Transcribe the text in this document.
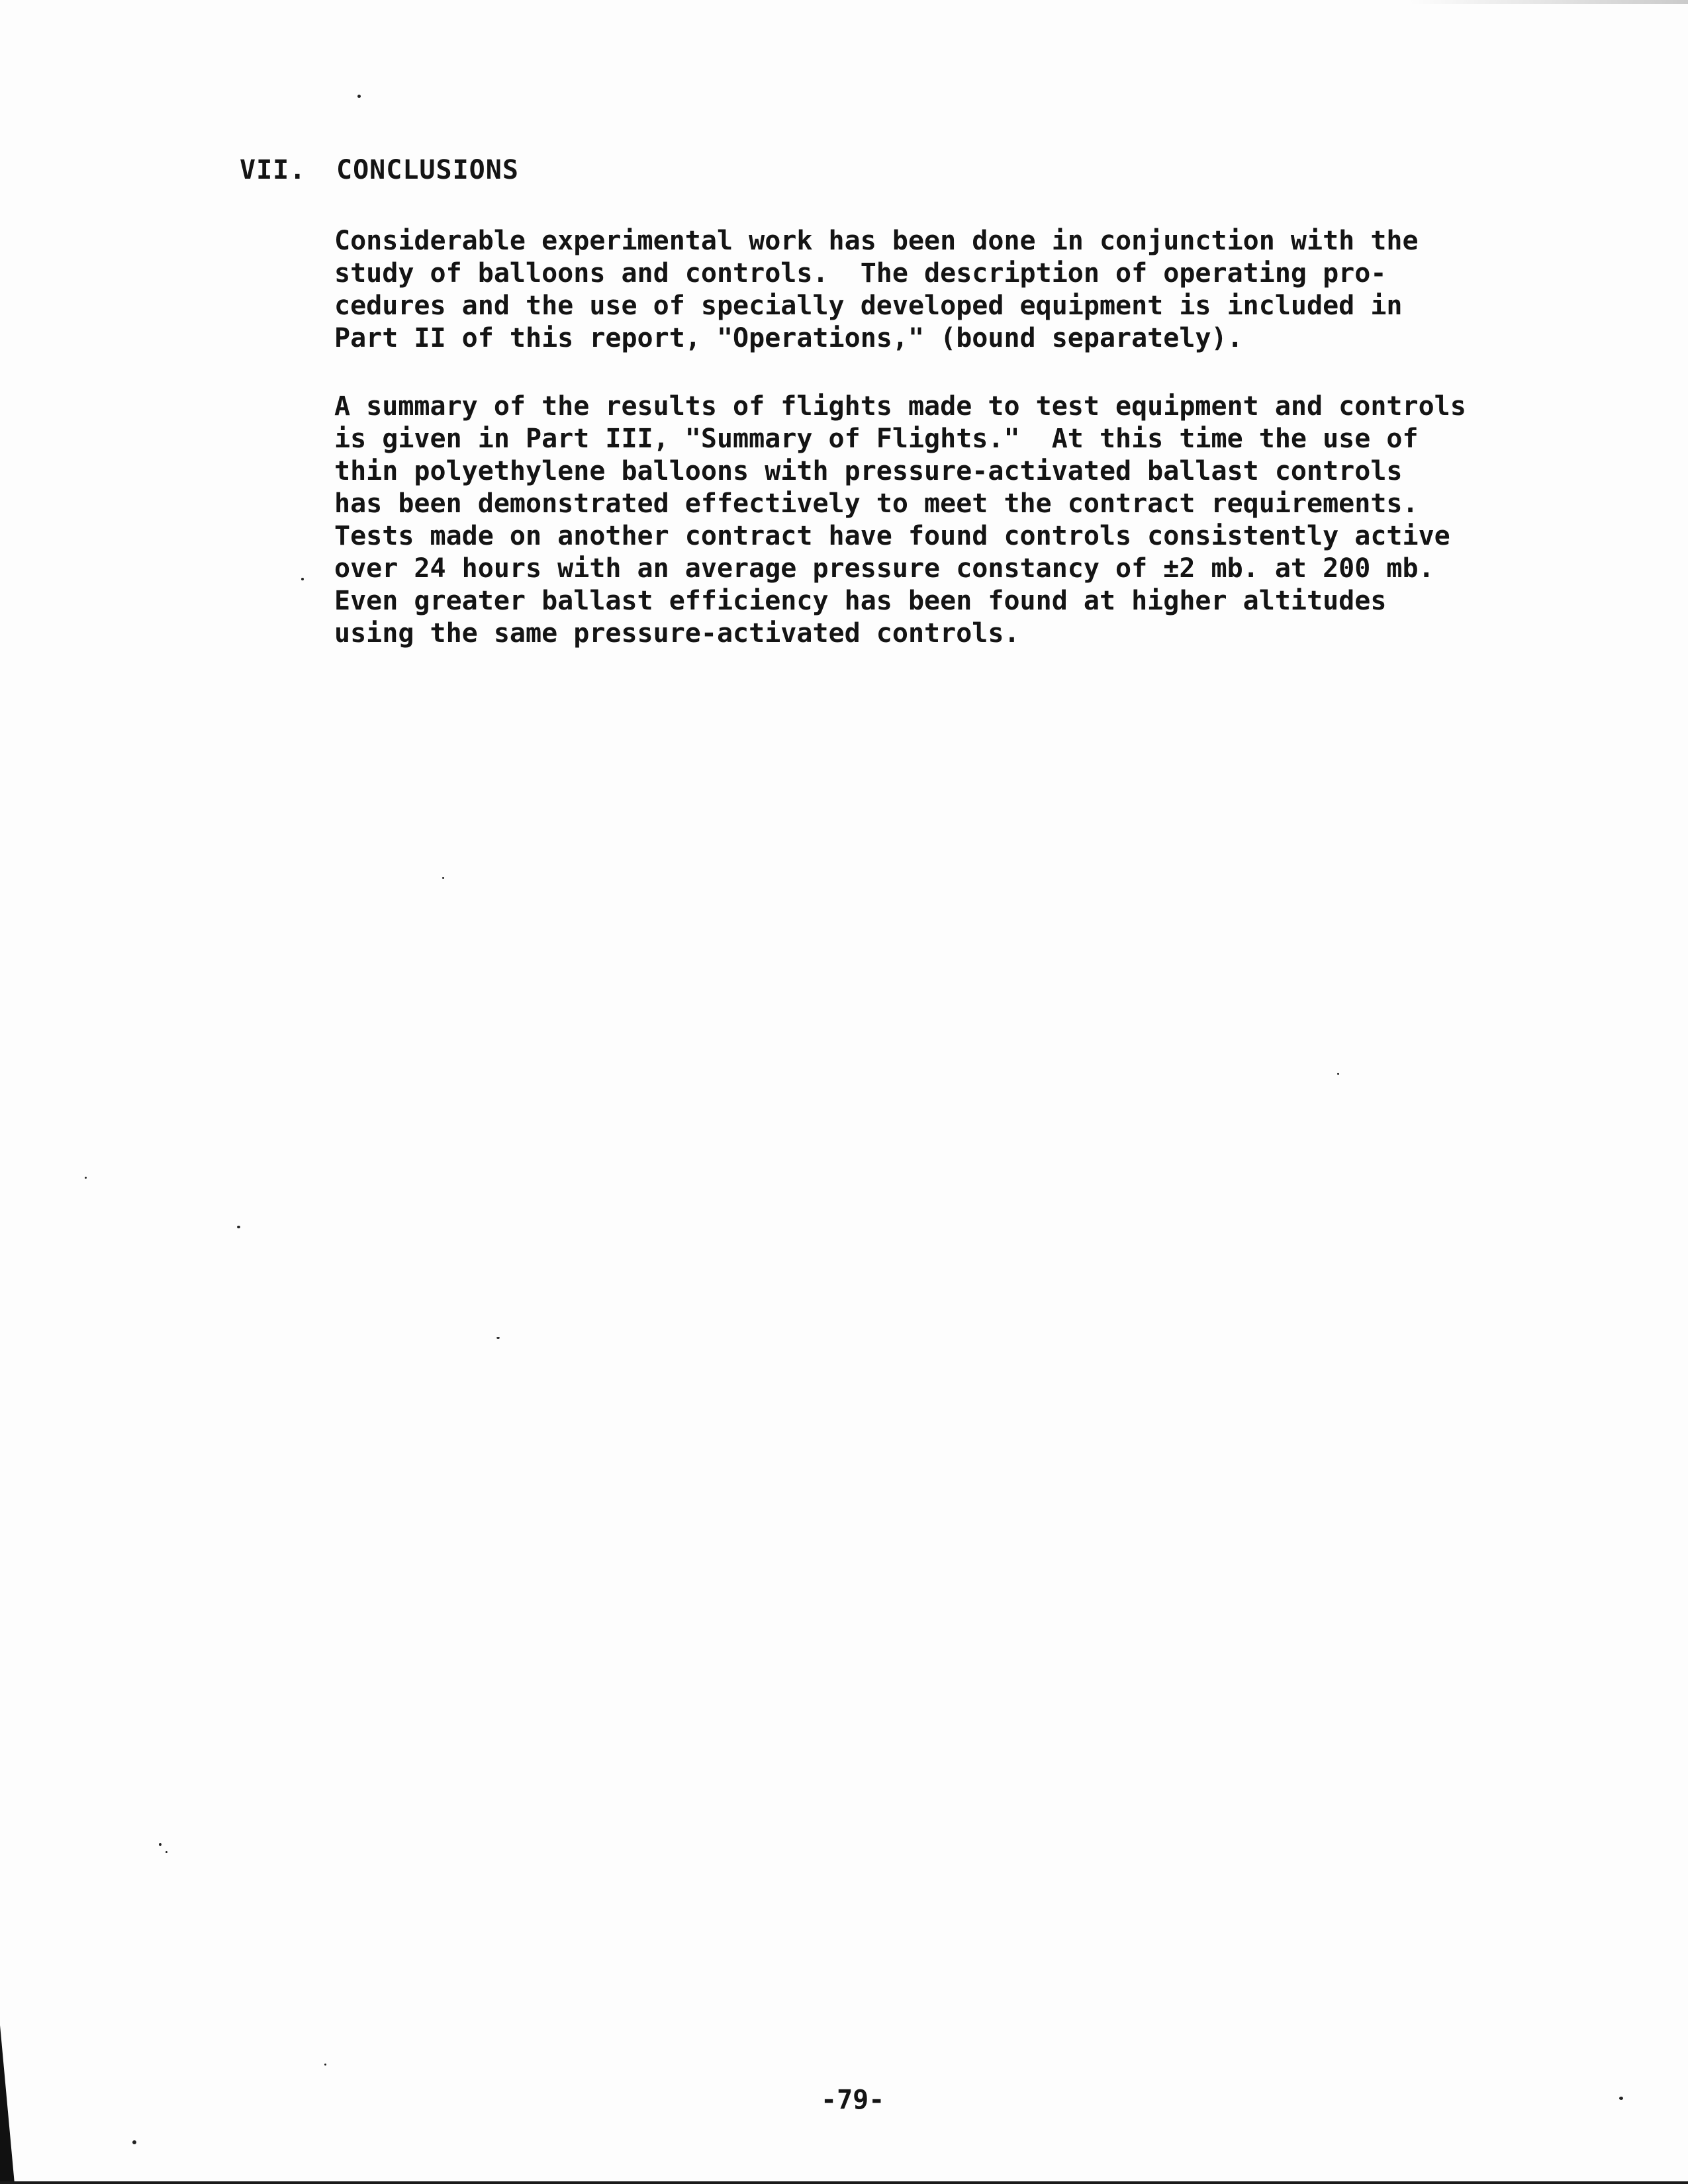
VII. CONCLUSIONS

Considerable experimental work has been done in conjunction with the
study of balloons and controls.  The description of operating pro-
cedures and the use of specially developed equipment is included in
Part II of this report, "Operations," (bound separately).

A summary of the results of flights made to test equipment and controls
is given in Part III, "Summary of Flights."  At this time the use of
thin polyethylene balloons with pressure-activated ballast controls
has been demonstrated effectively to meet the contract requirements.
Tests made on another contract have found controls consistently active
over 24 hours with an average pressure constancy of ±2 mb. at 200 mb.
Even greater ballast efficiency has been found at higher altitudes
using the same pressure-activated controls.

-79-
